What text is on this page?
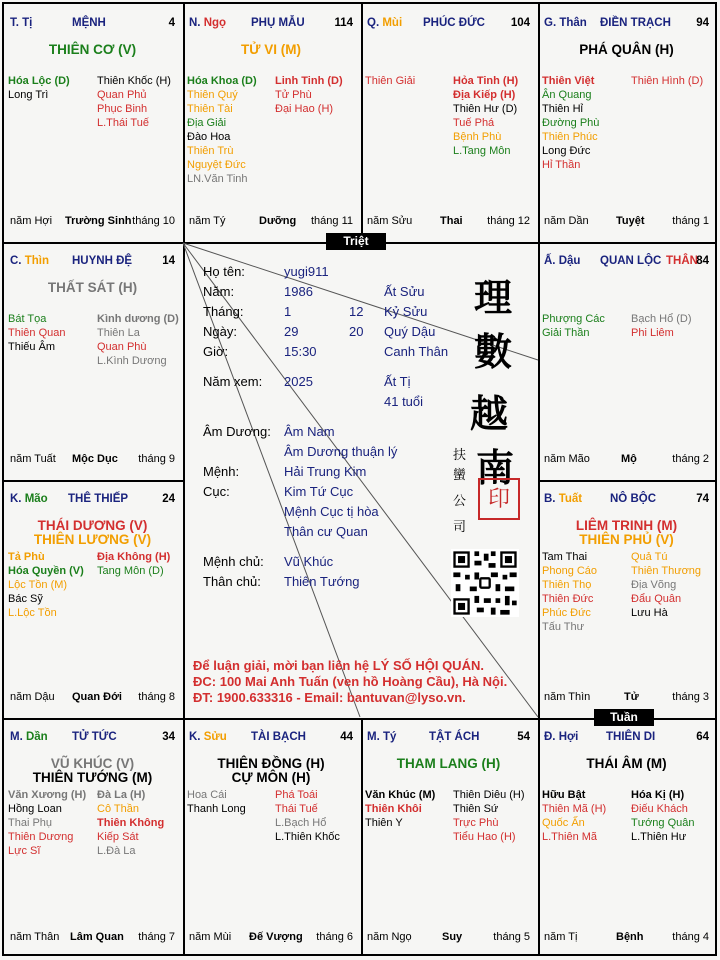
T. Tị	MỆNH	4
THIÊN CƠ (V)
Hóa Lộc (D)
Long Trì
Thiên Khốc (H)
Quan Phủ
Phục Binh
L.Thái Tuế
năm Hợi Trường Sinh tháng 10
N. Ngọ PHỤ MẪU	114
TỬ VI (M)
Hóa Khoa (D)
Thiên Quý
Thiên Tài
Địa Giải
Đào Hoa
Thiên Trù
Nguyệt Đức
LN.Văn Tinh
Linh Tinh (D)
Tử Phù
Đại Hao (H)
năm Tý	Dưỡng tháng 11
Q. Mùi PHÚC ĐỨC 104
Thiên Giải	Hỏa Tinh (H)
Địa Kiếp (H)
Thiên Hư (D)
Tuế Phá
Bệnh Phù
L.Tang Môn
năm Sửu	Thai tháng 12
G. Thân ĐIỀN TRẠCH 94
PHÁ QUÂN (H)
Thiên Việt
Ân Quang
Thiên Hỉ
Đường Phù
Thiên Phúc
Long Đức
Hỉ Thần
Thiên Hình (D)
năm Dần Tuyệt	tháng 1
C. Thìn HUYNH ĐỆ	14
THẤT SÁT (H)
Bát Tọa
Thiên Quan
Thiếu Âm
Kình dương (D)
Thiên La
Quan Phù
L.Kình Dương
năm Tuất Mộc Dục tháng 9
Ấ. Dậu QUAN LỘC THÂN
84
Phượng Các
Giải Thần
Bạch Hổ (D)
Phi Liêm
năm Mão	Mộ	tháng 2
K. Mão THÊ THIẾP	24
THÁI DƯƠNG (V)
THIÊN LƯƠNG (V)
Tả Phù
Hóa Quyền (V)
Lộc Tồn (M)
Bác Sỹ
L.Lộc Tồn
Địa Không (H)
Tang Môn (D)
năm Dậu Quan Đới tháng 8
B. Tuất NÔ BỘC	74
LIÊM TRINH (M)
THIÊN PHỦ (V)
Tam Thai
Phong Cáo
Thiên Thọ
Thiên Đức
Phúc Đức
Tấu Thư
Quả Tú
Thiên Thương
Địa Võng
Đẩu Quân
Lưu Hà
năm Thìn	Tử	tháng 3
M. Dần TỬ TỨC	34
VŨ KHÚC (V)
THIÊN TƯỚNG (M)
Văn Xương (H)
Hồng Loan
Thai Phụ
Thiên Dương
Lực Sĩ
Đà La (H)
Cô Thần
Thiên Không
Kiếp Sát
L.Đà La
năm Thân Lâm Quan tháng 7
K. Sửu TÀI BẠCH	44
THIÊN ĐỒNG (H)
CỰ MÔN (H)
Hoa Cái
Thanh Long
Phá Toái
Thái Tuế
L.Bạch Hổ
L.Thiên Khốc
năm Mùi Đế Vượng tháng 6
M. Tý	TẬT ÁCH	54
THAM LANG (H)
Văn Khúc (M)
Thiên Khôi
Thiên Y
Thiên Diêu (H)
Thiên Sứ
Trực Phù
Tiểu Hao (H)
năm Ngọ	Suy	tháng 5
Đ. Hợi THIÊN DI	64
THÁI ÂM (M)
Hữu Bật
Thiên Mã (H)
Quốc Ấn
L.Thiên Mã
Hóa Kị (H)
Điếu Khách
Tướng Quân
L.Thiên Hư
năm Tị	Bệnh	tháng 4
Triệt
Tuần
Họ tên:	yugi911
Năm:	1986	Ất Sửu
Tháng:	1	12 Kỷ Sửu
Ngày:	29	20 Quý Dậu
Giờ:	15:30	Canh Thân
Năm xem: 2025	Ất Tị
41 tuổi
Âm Dương: Âm Nam
Âm Dương thuận lý
Mệnh:	Hải Trung Kim
Cục:	Kim Tứ Cục
Mệnh Cục tị hòa
Thân cư Quan
Mệnh chủ: Vũ Khúc
Thân chủ: Thiên Tướng
理
數
越
南
扶
蠻
公
司
印
Để luận giải, mời bạn liên hệ LÝ SỐ HỘI QUÁN.
ĐC: 100 Mai Anh Tuấn (ven hồ Hoàng Cầu), Hà Nội.
ĐT: 1900.633316 - Email: bantuvan@lyso.vn.
